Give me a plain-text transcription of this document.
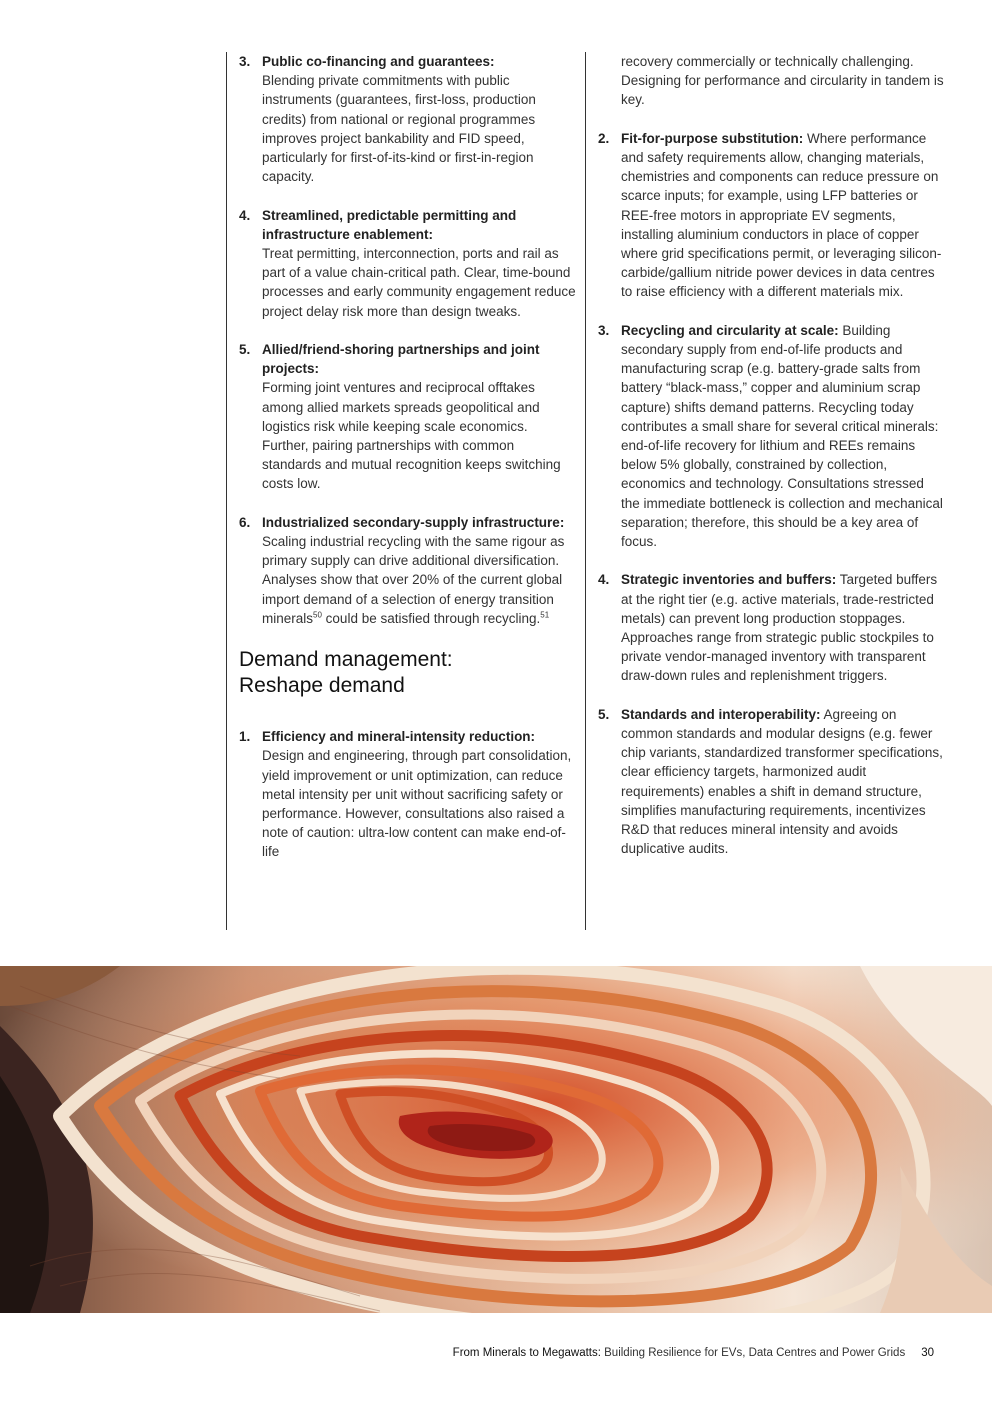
3. Public co-financing and guarantees:
Blending private commitments with public instruments (guarantees, first-loss, production credits) from national or regional programmes improves project bankability and FID speed, particularly for first-of-its-kind or first-in-region capacity.
4. Streamlined, predictable permitting and infrastructure enablement:
Treat permitting, interconnection, ports and rail as part of a value chain-critical path. Clear, time-bound processes and early community engagement reduce project delay risk more than design tweaks.
5. Allied/friend-shoring partnerships and joint projects:
Forming joint ventures and reciprocal offtakes among allied markets spreads geopolitical and logistics risk while keeping scale economics. Further, pairing partnerships with common standards and mutual recognition keeps switching costs low.
6. Industrialized secondary-supply infrastructure:
Scaling industrial recycling with the same rigour as primary supply can drive additional diversification. Analyses show that over 20% of the current global import demand of a selection of energy transition minerals$^{50}$ could be satisfied through recycling.$^{51}$
Demand management:
Reshape demand
1. Efficiency and mineral-intensity reduction:
Design and engineering, through part consolidation, yield improvement or unit optimization, can reduce metal intensity per unit without sacrificing safety or performance. However, consultations also raised a note of caution: ultra-low content can make end-of-life
recovery commercially or technically challenging. Designing for performance and circularity in tandem is key.
2. Fit-for-purpose substitution: Where performance and safety requirements allow, changing materials, chemistries and components can reduce pressure on scarce inputs; for example, using LFP batteries or REE-free motors in appropriate EV segments, installing aluminium conductors in place of copper where grid specifications permit, or leveraging silicon-carbide/gallium nitride power devices in data centres to raise efficiency with a different materials mix.
3. Recycling and circularity at scale: Building secondary supply from end-of-life products and manufacturing scrap (e.g. battery-grade salts from battery “black-mass,” copper and aluminium scrap capture) shifts demand patterns. Recycling today contributes a small share for several critical minerals: end-of-life recovery for lithium and REEs remains below 5% globally, constrained by collection, economics and technology. Consultations stressed the immediate bottleneck is collection and mechanical separation; therefore, this should be a key area of focus.
4. Strategic inventories and buffers: Targeted buffers at the right tier (e.g. active materials, trade-restricted metals) can prevent long production stoppages. Approaches range from strategic public stockpiles to private vendor-managed inventory with transparent draw-down rules and replenishment triggers.
5. Standards and interoperability: Agreeing on common standards and modular designs (e.g. fewer chip variants, standardized transformer specifications, clear efficiency targets, harmonized audit requirements) enables a shift in demand structure, simplifies manufacturing requirements, incentivizes R&D that reduces mineral intensity and avoids duplicative audits.
From Minerals to Megawatts: Building Resilience for EVs, Data Centres and Power Grids 30
